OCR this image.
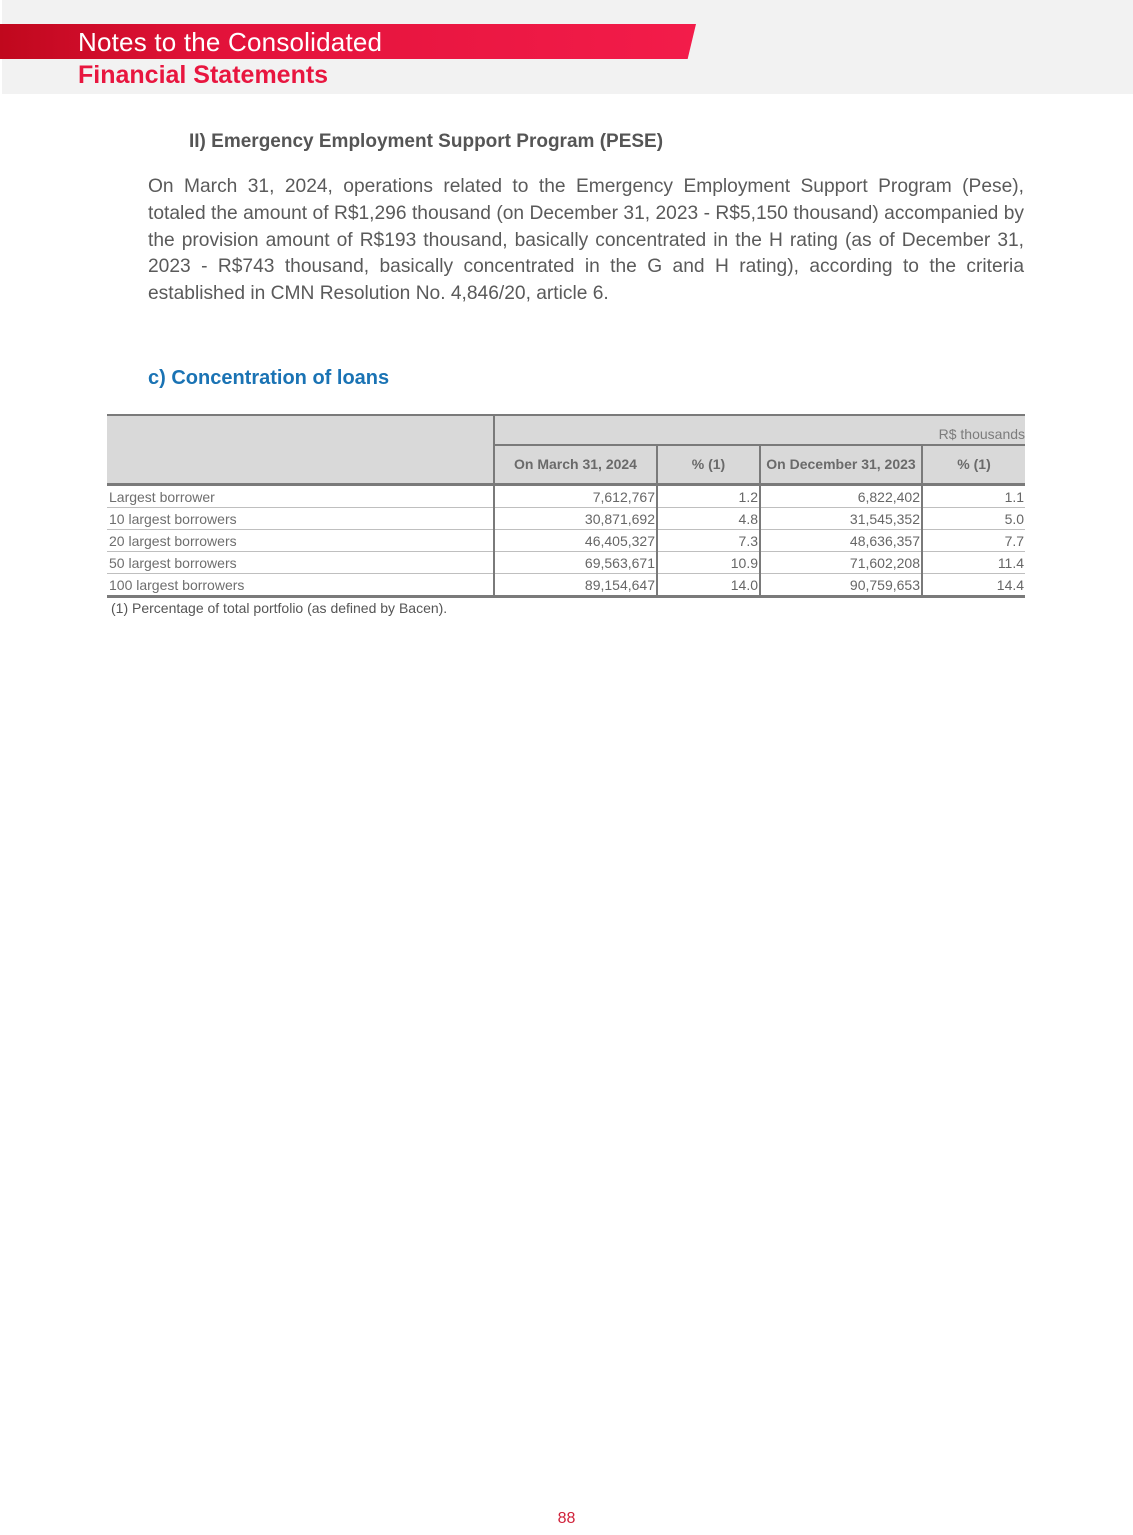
Notes to the Consolidated
Financial Statements
II) Emergency Employment Support Program (PESE)
On March 31, 2024, operations related to the Emergency Employment Support Program (Pese), totaled the amount of R$1,296 thousand (on December 31, 2023 - R$5,150 thousand) accompanied by the provision amount of R$193 thousand, basically concentrated in the H rating (as of December 31, 2023 - R$743 thousand, basically concentrated in the G and H rating), according to the criteria established in CMN Resolution No. 4,846/20, article 6.
c) Concentration of loans
	R$ thousands			
	On March 31, 2024	% (1)	On December 31, 2023	% (1)
Largest borrower	7,612,767	1.2	6,822,402	1.1
10 largest borrowers	30,871,692	4.8	31,545,352	5.0
20 largest borrowers	46,405,327	7.3	48,636,357	7.7
50 largest borrowers	69,563,671	10.9	71,602,208	11.4
100 largest borrowers	89,154,647	14.0	90,759,653	14.4
(1) Percentage of total portfolio (as defined by Bacen).
88
